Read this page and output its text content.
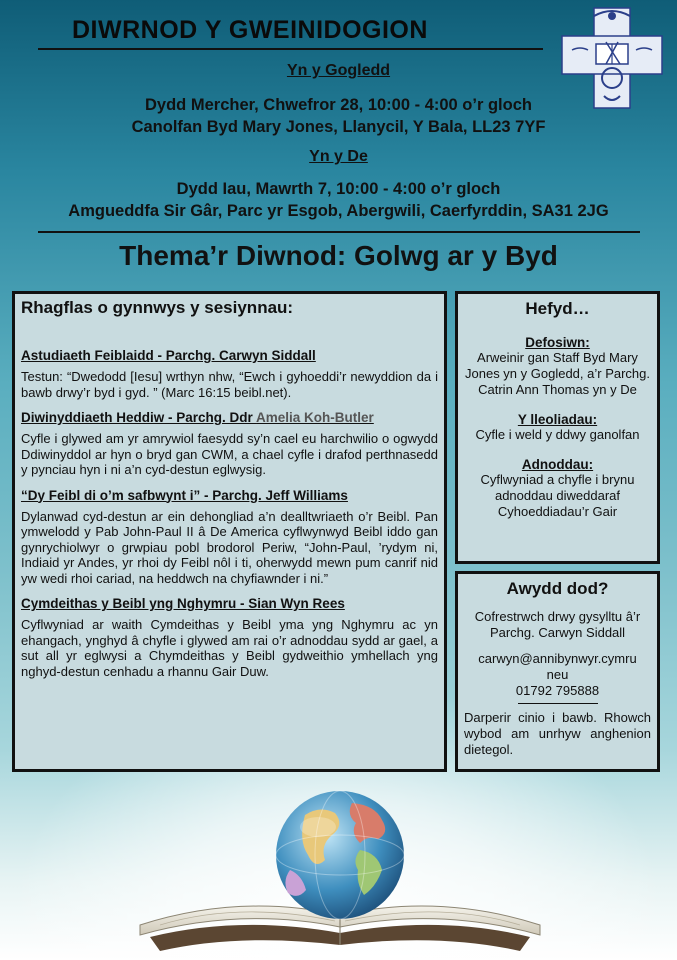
DIWRNOD Y GWEINIDOGION
Yn y Gogledd
Dydd Mercher, Chwefror 28, 10:00 - 4:00 o’r gloch
Canolfan Byd Mary Jones, Llanycil, Y Bala, LL23 7YF
Yn y De
Dydd Iau, Mawrth 7, 10:00 - 4:00 o’r gloch
Amgueddfa Sir Gâr, Parc yr Esgob, Abergwili, Caerfyrddin, SA31 2JG
Thema’r Diwnod: Golwg ar y Byd
Rhagflas o gynnwys y sesiynnau:
Astudiaeth Feiblaidd - Parchg. Carwyn Siddall
Testun: “Dwedodd [Iesu] wrthyn nhw, “Ewch i gyhoeddi’r newyddion da i bawb drwy’r byd i gyd. ” (Marc 16:15 beibl.net).
Diwinyddiaeth Heddiw - Parchg. Ddr Amelia Koh-Butler
Cyfle i glywed am yr amrywiol faesydd sy’n cael eu harchwilio o ogwydd Ddiwinyddol ar hyn o bryd gan CWM, a chael cyfle i drafod perthnasedd y pynciau hyn i ni a’n cyd-destun eglwysig.
“Dy Feibl di o’m safbwynt i” - Parchg. Jeff Williams
Dylanwad cyd-destun ar ein dehongliad a’n dealltwriaeth o’r Beibl. Pan ymwelodd y Pab John-Paul II â De America cyflwynwyd Beibl iddo gan gynrychiolwyr o grwpiau pobl brodorol Periw, “John-Paul, ’rydym ni, Indiaid yr Andes, yr rhoi dy Feibl nôl i ti, oherwydd mewn pum canrif nid yw wedi rhoi cariad, na heddwch na chyfiawnder i ni.”
Cymdeithas y Beibl yng Nghymru - Sian Wyn Rees
Cyflwyniad ar waith Cymdeithas y Beibl yma yng Nghymru ac yn ehangach, ynghyd â chyfle i glywed am rai o’r adnoddau sydd ar gael, a sut all yr eglwysi a Chymdeithas y Beibl gydweithio ymhellach yng nghyd-destun cenhadu a rhannu Gair Duw.
Hefyd…
Defosiwn:
Arweinir gan Staff Byd Mary Jones yn y Gogledd, a’r Parchg. Catrin Ann Thomas yn y De
Y lleoliadau:
Cyfle i weld y ddwy ganolfan
Adnoddau:
Cyflwyniad a chyfle i brynu adnoddau diweddaraf Cyhoeddiadau’r Gair
Awydd dod?
Cofrestrwch drwy gysylltu â’r Parchg. Carwyn Siddall
carwyn@annibynwyr.cymru
neu
01792 795888
Darperir cinio i bawb. Rhowch wybod am unrhyw anghenion dietegol.
